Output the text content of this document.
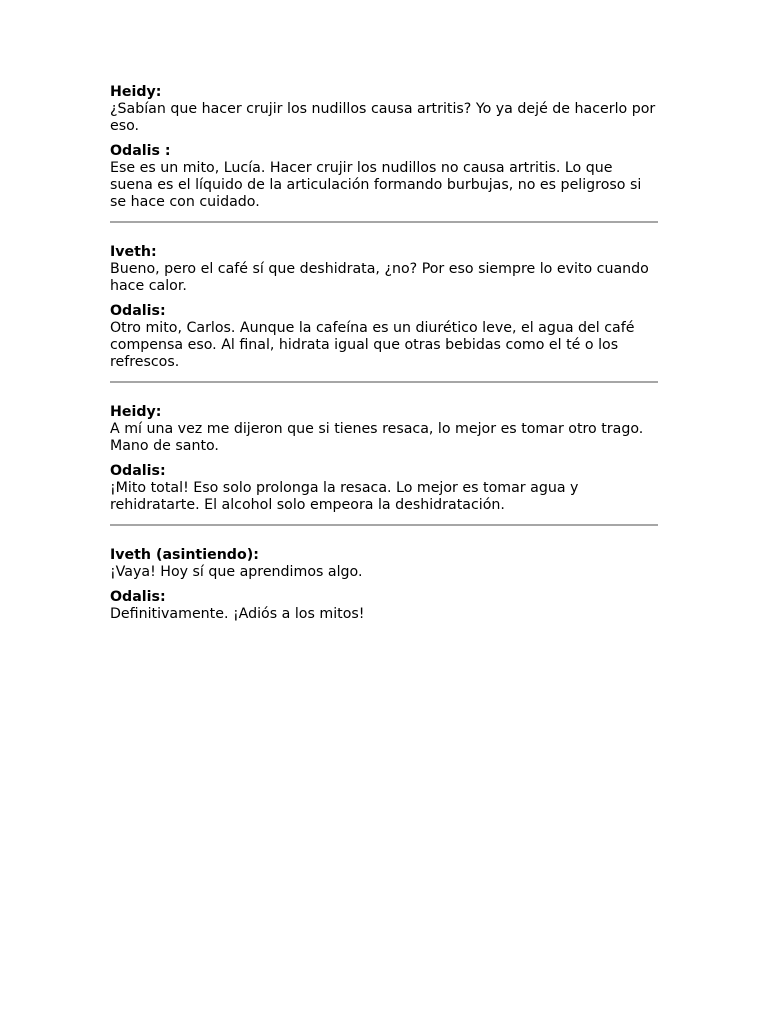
Heidy:

¿Sabían que hacer crujir los nudillos causa artritis? Yo ya dejé de hacerlo por eso.

Odalis :

Ese es un mito, Lucía. Hacer crujir los nudillos no causa artritis. Lo que suena es el líquido de la articulación formando burbujas, no es peligroso si se hace con cuidado.

Iveth:

Bueno, pero el café sí que deshidrata, ¿no? Por eso siempre lo evito cuando hace calor.

Odalis:

Otro mito, Carlos. Aunque la cafeína es un diurético leve, el agua del café compensa eso. Al final, hidrata igual que otras bebidas como el té o los refrescos.

Heidy:

A mí una vez me dijeron que si tienes resaca, lo mejor es tomar otro trago. Mano de santo.

Odalis:

¡Mito total! Eso solo prolonga la resaca. Lo mejor es tomar agua y rehidratarte. El alcohol solo empeora la deshidratación.

Iveth (asintiendo):

¡Vaya! Hoy sí que aprendimos algo.

Odalis:

Definitivamente. ¡Adiós a los mitos!
